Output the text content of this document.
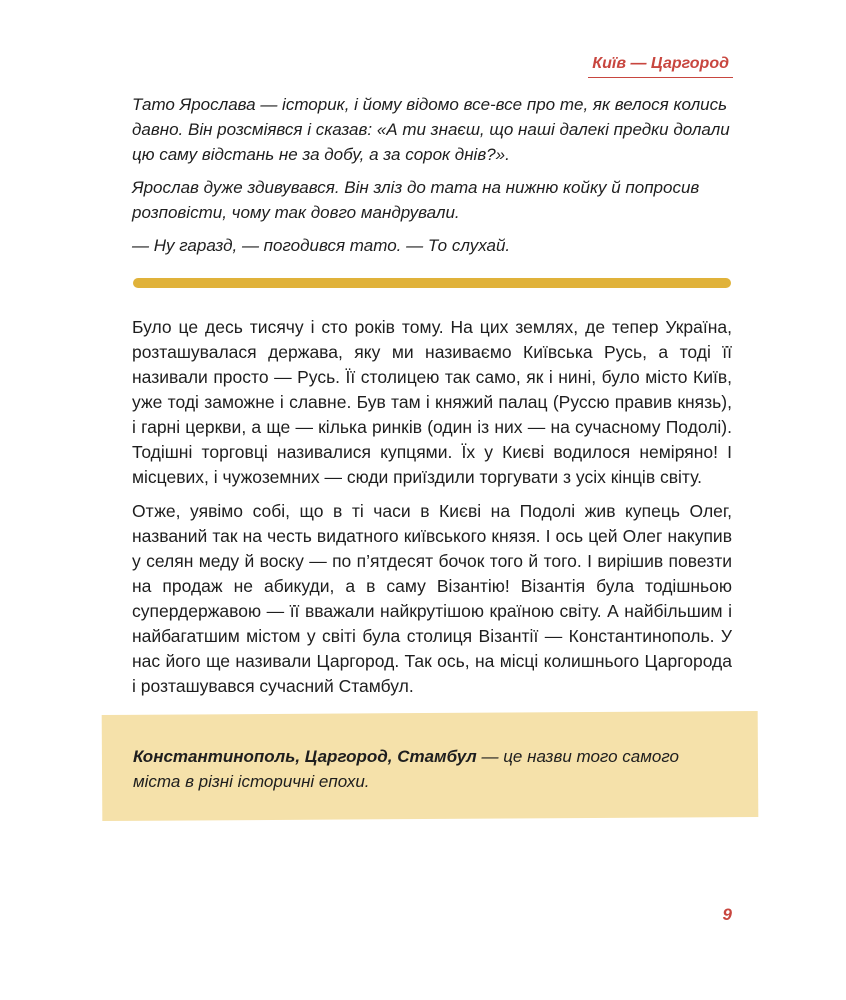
Київ — Царгород

Тато Ярослава — історик, і йому відомо все-все про те, як велося колись давно. Він розсміявся і сказав: «А ти знаєш, що наші далекі предки долали цю саму відстань не за добу, а за сорок днів?».

Ярослав дуже здивувався. Він зліз до тата на нижню койку й попросив розповісти, чому так довго мандрували.

— Ну гаразд, — погодився тато. — То слухай.

Було це десь тисячу і сто років тому. На цих землях, де тепер Україна, розташувалася держава, яку ми називаємо Київська Русь, а тоді її називали просто — Русь. Її столицею так само, як і нині, було місто Київ, уже тоді заможне і славне. Був там і княжий палац (Руссю правив князь), і гарні церкви, а ще — кілька ринків (один із них — на сучасному Подолі). Тодішні торговці називалися купцями. Їх у Києві водилося неміряно! І місцевих, і чужоземних — сюди приїздили торгувати з усіх кінців світу.

Отже, уявімо собі, що в ті часи в Києві на Подолі жив купець Олег, названий так на честь видатного київського князя. І ось цей Олег накупив у селян меду й воску — по п’ятдесят бочок того й того. І вирішив повезти на продаж не абикуди, а в саму Візантію! Візантія була тодішньою супердержавою — її вважали найкрутішою країною світу. А найбільшим і найбагатшим містом у світі була столиця Візантії — Константинополь. У нас його ще називали Царгород. Так ось, на місці колишнього Царгорода і розташувався сучасний Стамбул.

Константинополь, Царгород, Стамбул — це назви того самого міста в різні історичні епохи.
9
